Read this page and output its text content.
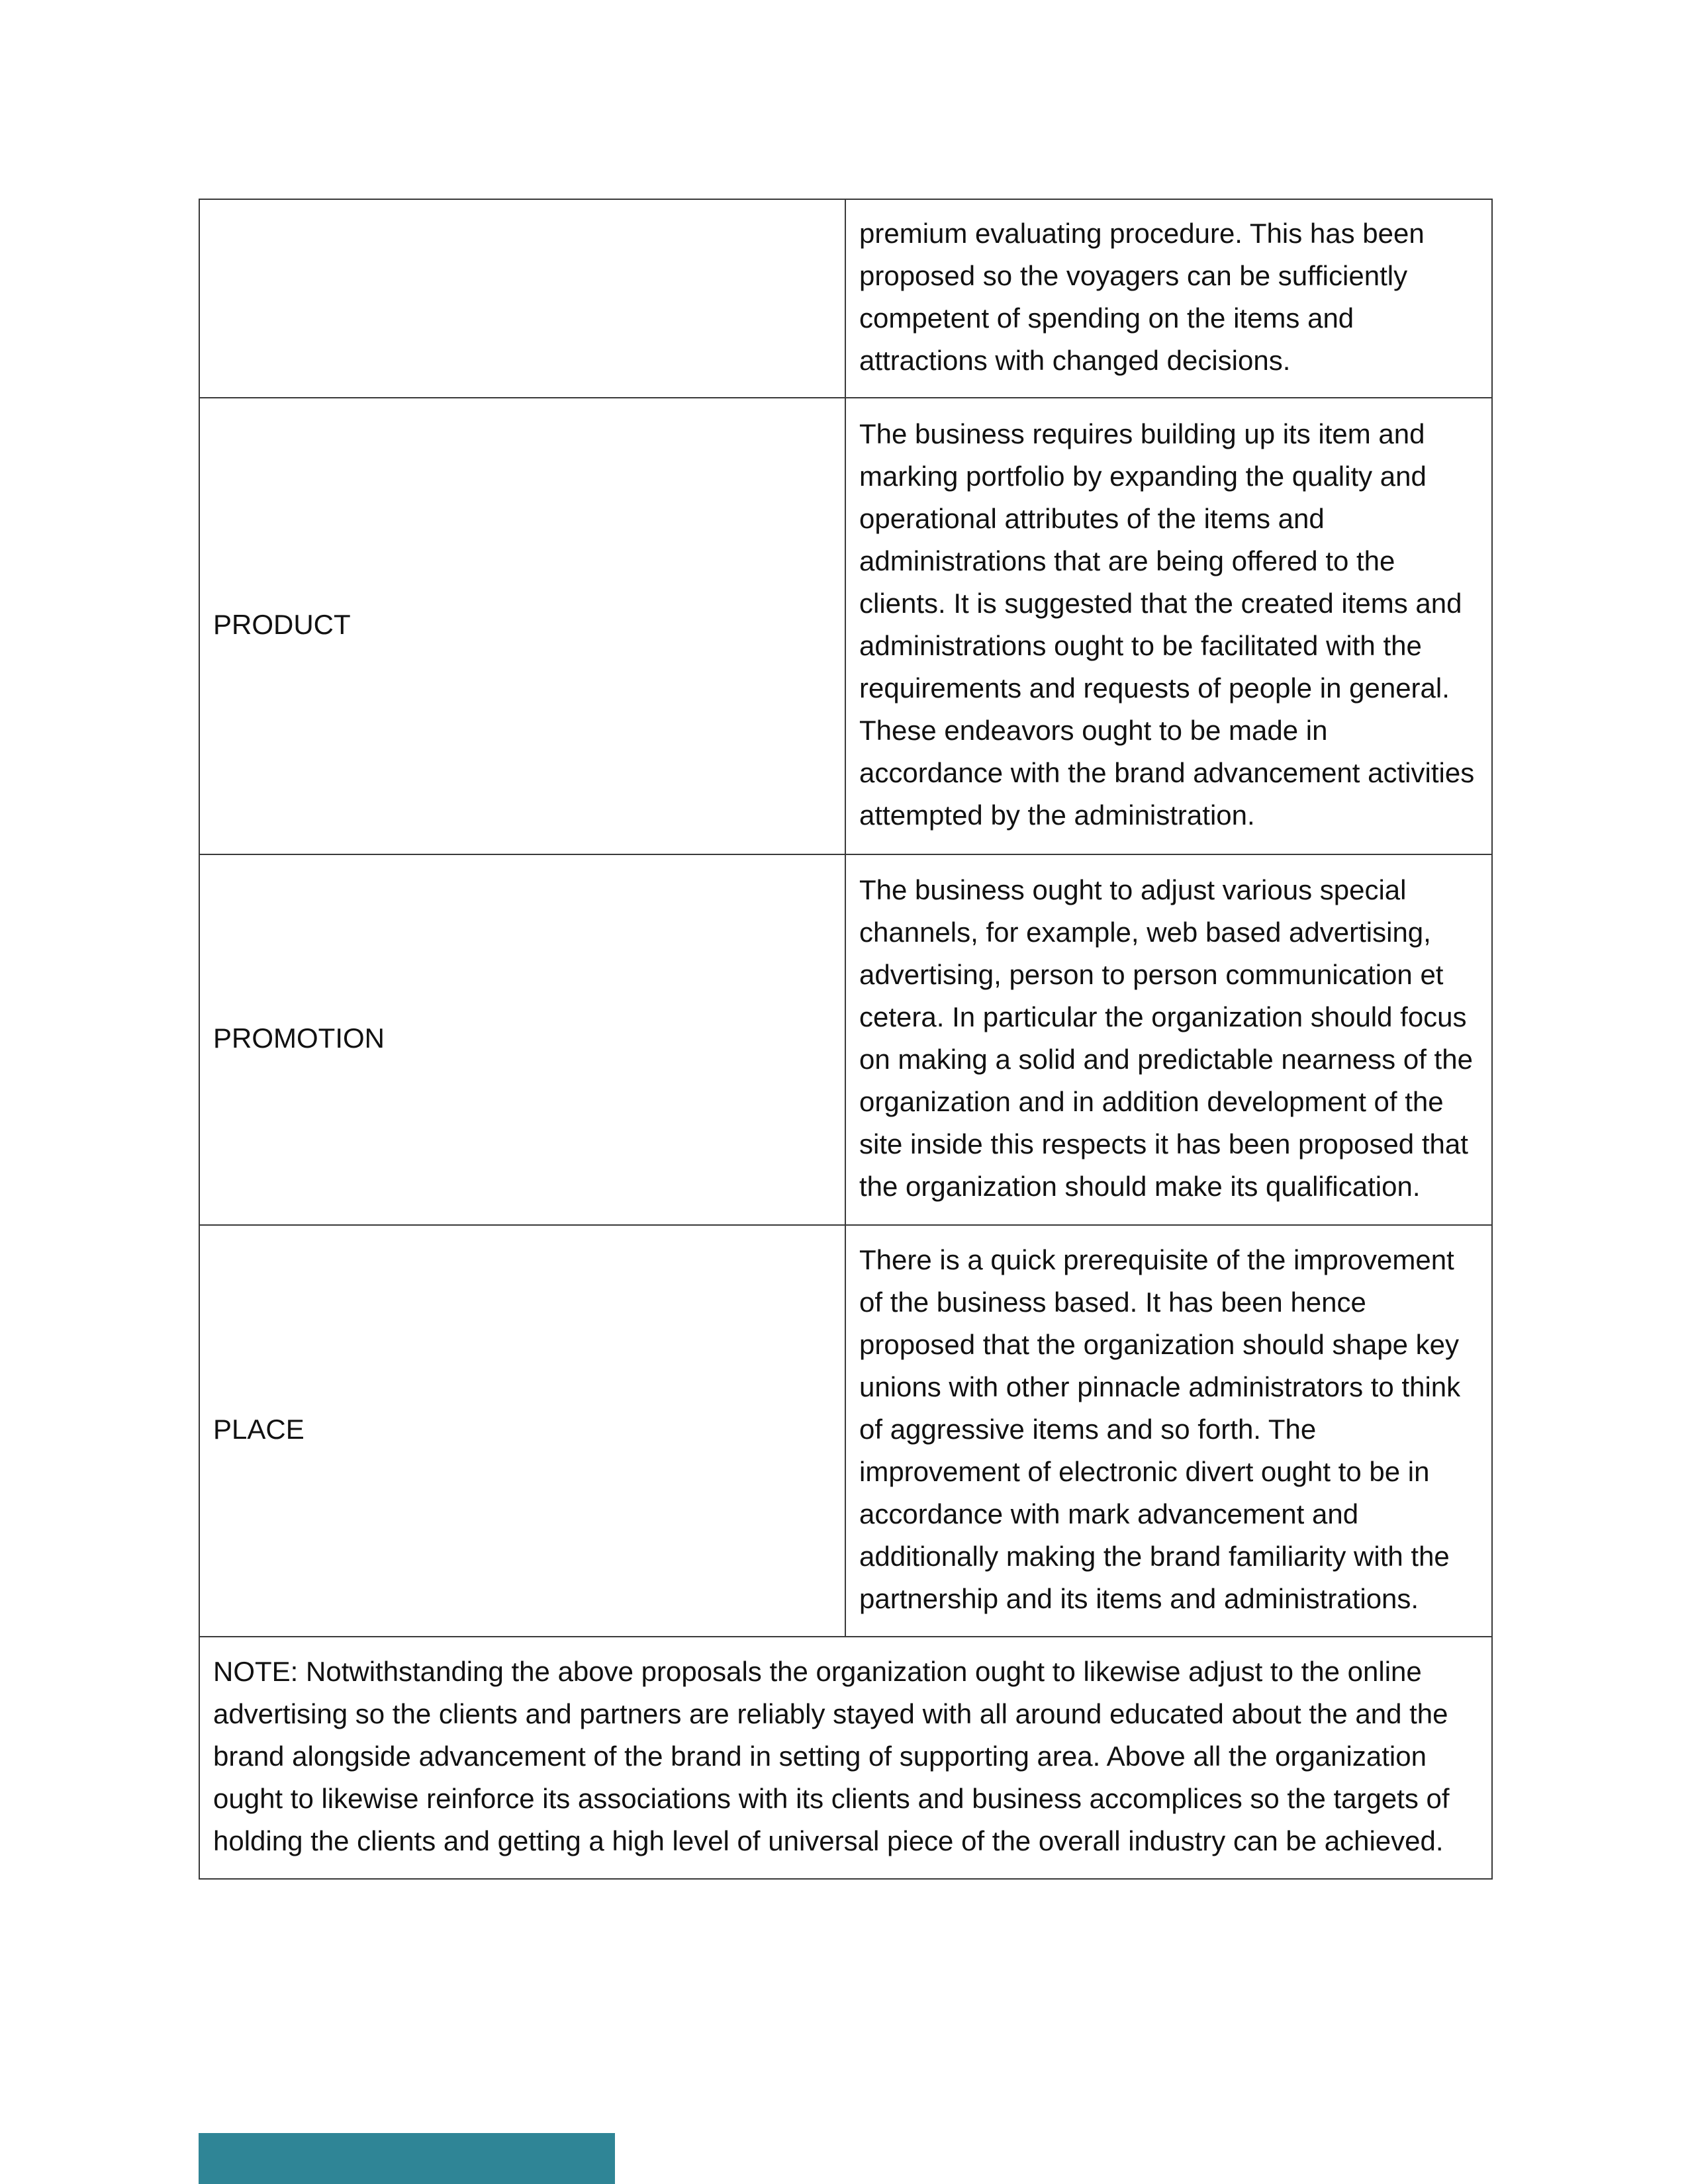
	premium evaluating procedure. This has been proposed so the voyagers can be sufficiently competent of spending on the items and attractions with changed decisions.
PRODUCT	The business requires building up its item and marking portfolio by expanding the quality and operational attributes of the items and administrations that are being offered to the clients. It is suggested that the created items and administrations ought to be facilitated with the requirements and requests of people in general. These endeavors ought to be made in accordance with the brand advancement activities attempted by the administration.
PROMOTION	The business ought to adjust various special channels, for example, web based advertising, advertising, person to person communication et cetera. In particular the organization should focus on making a solid and predictable nearness of the organization and in addition development of the site inside this respects it has been proposed that the organization should make its qualification.
PLACE	There is a quick prerequisite of the improvement of the business based. It has been hence proposed that the organization should shape key unions with other pinnacle administrators to think of aggressive items and so forth. The improvement of electronic divert ought to be in accordance with mark advancement and additionally making the brand familiarity with the partnership and its items and administrations.
NOTE: Notwithstanding the above proposals the organization ought to likewise adjust to the online advertising so the clients and partners are reliably stayed with all around educated about the and the brand alongside advancement of the brand in setting of supporting area. Above all the organization ought to likewise reinforce its associations with its clients and business accomplices so the targets of holding the clients and getting a high level of universal piece of the overall industry can be achieved.	
